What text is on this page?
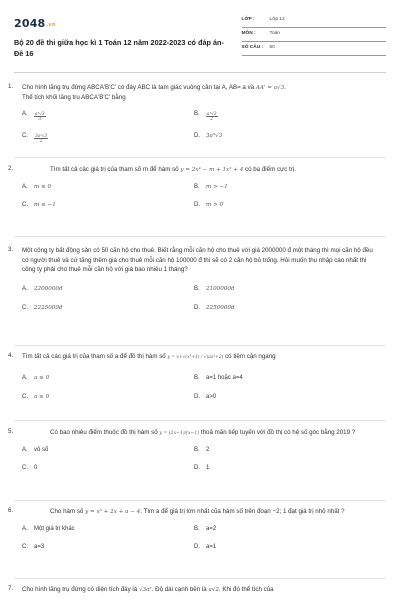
2048.vn
Bộ 20 đề thi giữa học kì 1 Toán 12 năm 2022-2023 có đáp án- Đề 16
LỚP :	Lớp 12
MÔN :	Toán
SỐ CÂU :	50
1. Cho hình lăng trụ đứng ABCA'B'C' có đáy ABC là tam giác vuông cân tại A, AB= a và AA' = a√3.
Thể tích khối lăng trụ ABCA'B'C' bằng
A.	$\frac{\text{a³√3}}{3}$	B.	$\frac{\text{a³√3}}{2}$
C.	$\frac{\text{3a³√3}}{2}$	D.	3a³√3
2.	Tìm tất cả các giá trị của tham số m để hàm số y = 2x⁴ − m + 1x² + 4 có ba điểm cực trị.
A.	m ≥ 0	B.	m > −1
C.	m ≥ −1	D.	m > 0
3. Một công ty bất động sản có 50 căn hộ cho thuê. Biết rằng mỗi căn hộ cho thuê với giá 2000000 đ một tháng thì mọi căn hộ đều có người thuê và cứ tăng thêm giá cho thuê mỗi căn hộ 100000 đ thì sẽ có 2 căn hộ bỏ trống. Hỏi muốn thu nhập cao nhất thì công ty phải cho thuê mỗi căn hộ với giá bao nhiêu 1 tháng?
A.	2200000đ	B.	2100000đ
C.	2225000đ	D.	2250000đ
4. Tìm tất cả các giá trị của tham số a để đồ thị hàm số y = x+√(x²+1) / √(ax²+2) có tiệm cận ngang
A.	a ≤ 0	B.	a=1 hoặc a=4
C.	a ≥ 0	D.	a>0
5.	Có bao nhiêu điểm thuộc đồ thị hàm số y = (2x−1)/(x−1) thoả mãn tiếp tuyến với đồ thị có hệ số góc bằng 2019 ?
A.	vô số	B.	2
C.	0	D.	1
6.	Cho hàm số y = x³ + 2x + a − 4. Tìm a để giá trị lớn nhất của hàm số trên đoạn −2; 1 đạt giá trị nhỏ nhất ?
A.	Một giá trị khác	B.	a=2
C.	a=3	D.	a=1
7. Cho hình lăng trụ đứng có diện tích đáy là √3a². Độ dài cạnh bên là a√2. Khi đó thể tích của
